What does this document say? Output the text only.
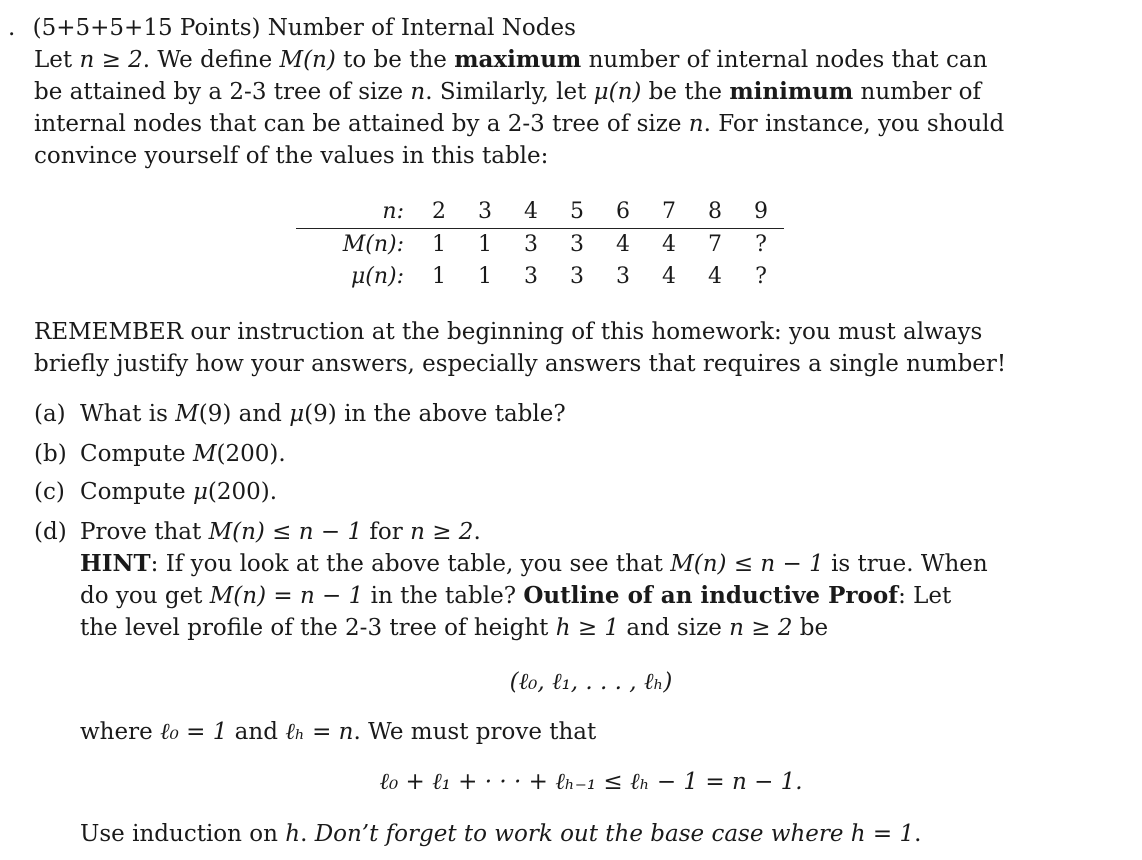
. (5+5+5+15 Points) Number of Internal Nodes
Let n ≥ 2. We define M(n) to be the maximum number of internal nodes that can
be attained by a 2-3 tree of size n. Similarly, let μ(n) be the minimum number of
internal nodes that can be attained by a 2-3 tree of size n. For instance, you should
convince yourself of the values in this table:
n:	2	3	4	5	6	7	8	9
M(n):	1	1	3	3	4	4	7	?
μ(n):	1	1	3	3	3	4	4	?
REMEMBER our instruction at the beginning of this homework: you must always
briefly justify how your answers, especially answers that requires a single number!
(a) What is M(9) and μ(9) in the above table?
(b) Compute M(200).
(c) Compute μ(200).
(d) Prove that M(n) ≤ n − 1 for n ≥ 2.
HINT: If you look at the above table, you see that M(n) ≤ n − 1 is true. When
do you get M(n) = n − 1 in the table? Outline of an inductive Proof: Let
the level profile of the 2-3 tree of height h ≥ 1 and size n ≥ 2 be
(ℓ₀, ℓ₁, . . . , ℓₕ)
where ℓ₀ = 1 and ℓₕ = n. We must prove that
ℓ₀ + ℓ₁ + · · · + ℓₕ₋₁ ≤ ℓₕ − 1 = n − 1.
Use induction on h. Don’t forget to work out the base case where h = 1.
